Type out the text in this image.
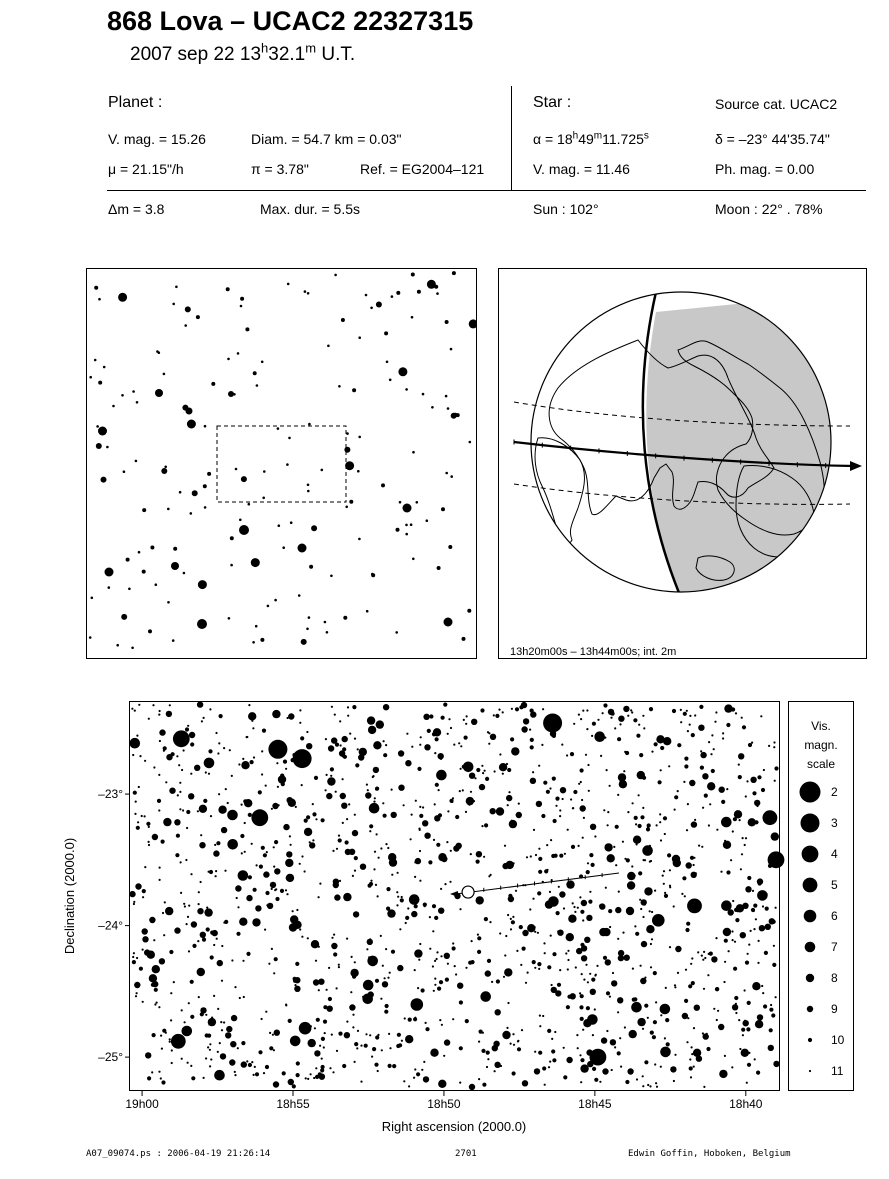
868 Lova – UCAC2 22327315
2007 sep 22 13$^h$32.1$^m$ U.T.
Planet :
V. mag. = 15.26	Diam. = 54.7 km = 0.03"
μ = 21.15"/h	π = 3.78"	Ref. = EG2004–121
Δm = 3.8	Max. dur. = 5.5s
Star :	Source cat. UCAC2
$\alpha = 18^h49^m11.725^s$	δ = –23° 44'35.74"
V. mag. = 11.46	Ph. mag. = 0.00
Sun : 102°	Moon : 22° . 78%
13h20m00s – 13h44m00s; int. 2m
19h00	18h55	18h50	18h45	18h40
–23°
–24°
–25°
Right ascension (2000.0)
Declination (2000.0)
Vis.
magn.
scale
2
3
4
5
6
7
8
9
10
11
A07_09074.ps : 2006-04-19 21:26:14	2701	Edwin Goffin, Hoboken, Belgium
